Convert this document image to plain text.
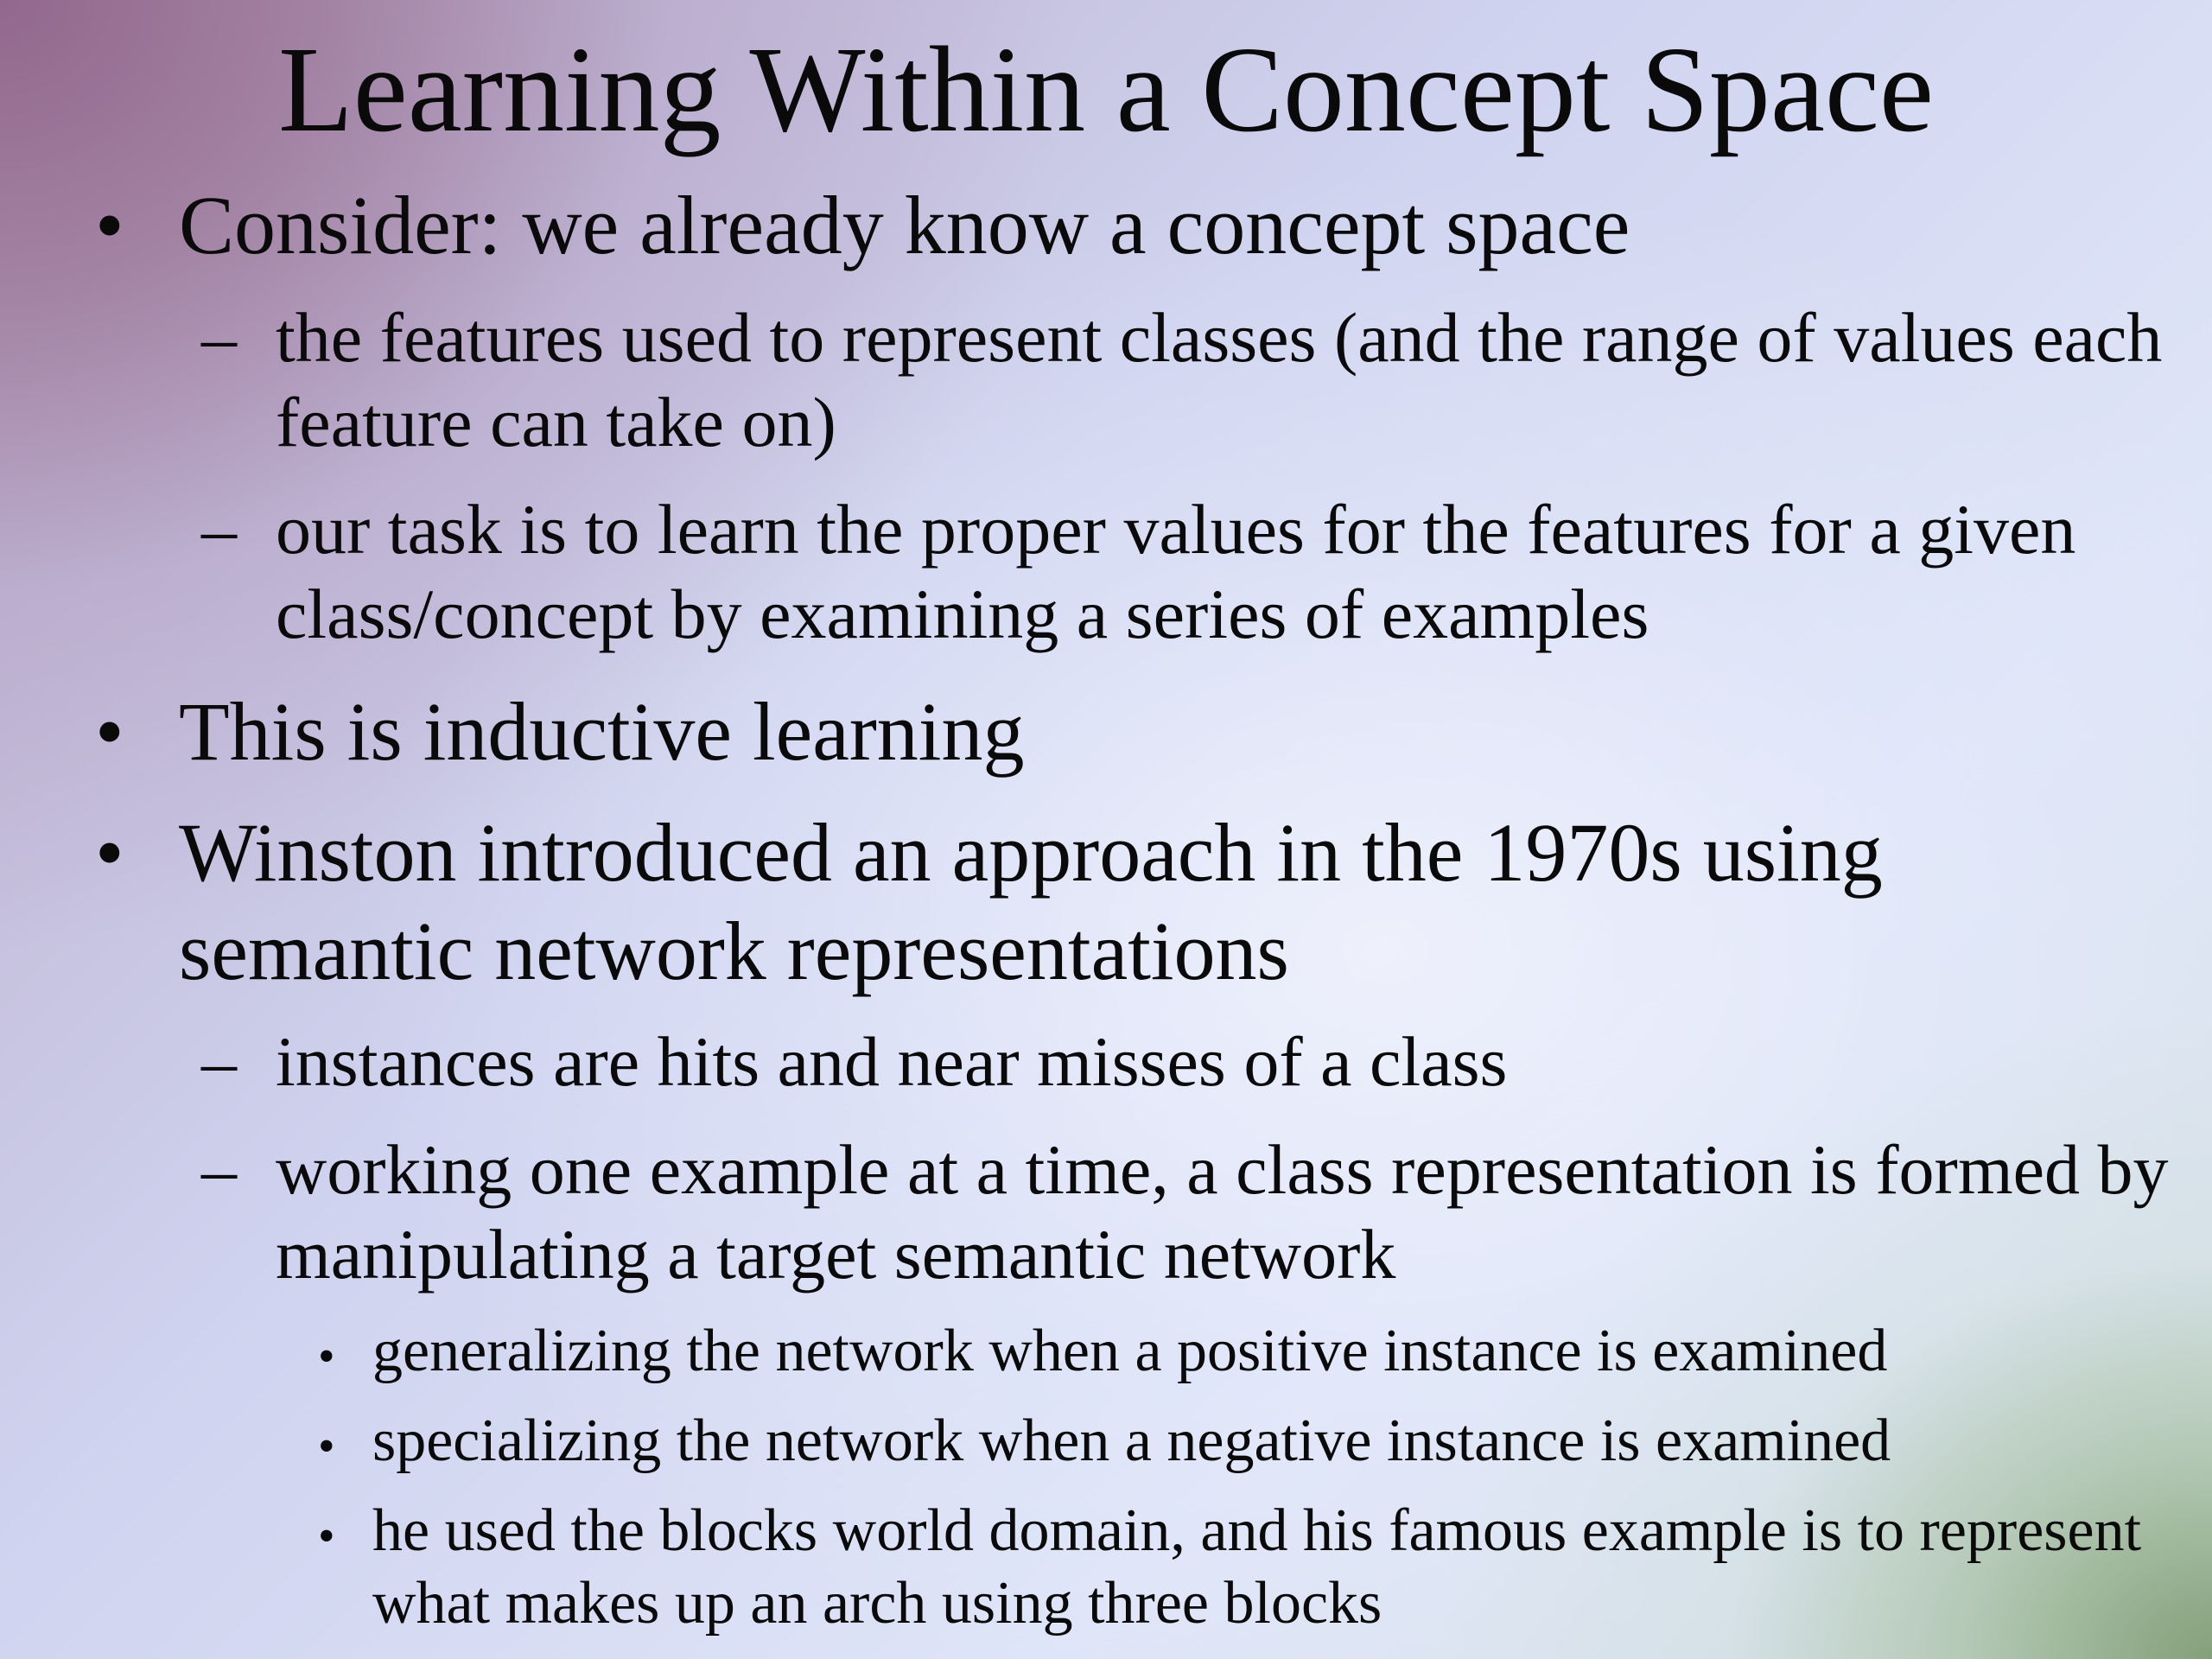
Learning Within a Concept Space
• Consider: we already know a concept space
– the features used to represent classes (and the range of values each feature can take on)
– our task is to learn the proper values for the features for a given class/concept by examining a series of examples
• This is inductive learning
• Winston introduced an approach in the 1970s using semantic network representations
– instances are hits and near misses of a class
– working one example at a time, a class representation is formed by manipulating a target semantic network
• generalizing the network when a positive instance is examined
• specializing the network when a negative instance is examined
• he used the blocks world domain, and his famous example is to represent what makes up an arch using three blocks
